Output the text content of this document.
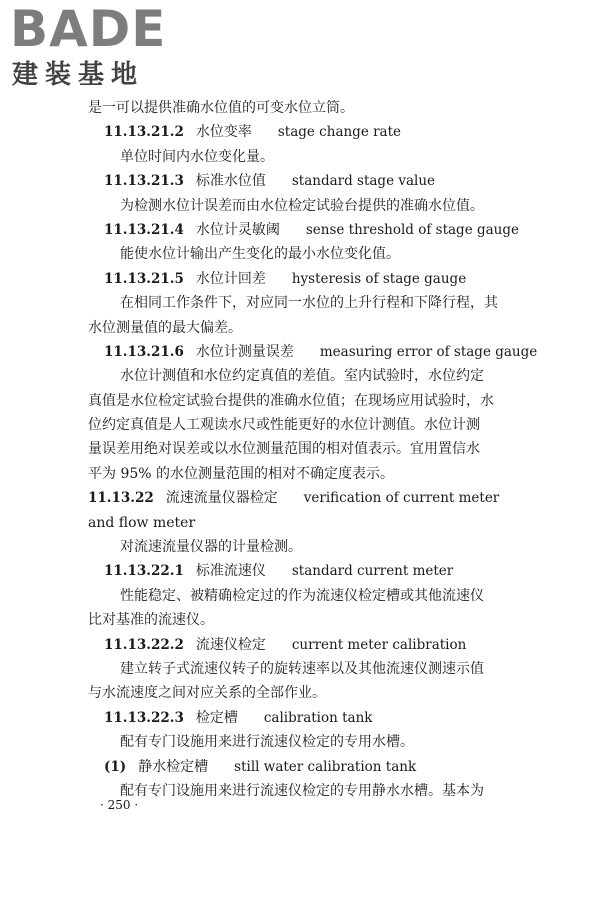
BADE
建装基地
是一可以提供准确水位值的可变水位立筒。
11.13.21.2 水位变率 stage change rate
单位时间内水位变化量。
11.13.21.3 标准水位值 standard stage value
为检测水位计误差而由水位检定试验台提供的准确水位值。
11.13.21.4 水位计灵敏阈 sense threshold of stage gauge
能使水位计输出产生变化的最小水位变化值。
11.13.21.5 水位计回差 hysteresis of stage gauge
在相同工作条件下，对应同一水位的上升行程和下降行程，其
水位测量值的最大偏差。
11.13.21.6 水位计测量误差 measuring error of stage gauge
水位计测值和水位约定真值的差值。室内试验时，水位约定
真值是水位检定试验台提供的准确水位值；在现场应用试验时，水
位约定真值是人工观读水尺或性能更好的水位计测值。水位计测
量误差用绝对误差或以水位测量范围的相对值表示。宜用置信水
平为 95% 的水位测量范围的相对不确定度表示。
11.13.22 流速流量仪器检定 verification of current meter
and flow meter
对流速流量仪器的计量检测。
11.13.22.1 标准流速仪 standard current meter
性能稳定、被精确检定过的作为流速仪检定槽或其他流速仪
比对基准的流速仪。
11.13.22.2 流速仪检定 current meter calibration
建立转子式流速仪转子的旋转速率以及其他流速仪测速示值
与水流速度之间对应关系的全部作业。
11.13.22.3 检定槽 calibration tank
配有专门设施用来进行流速仪检定的专用水槽。
(1) 静水检定槽 still water calibration tank
配有专门设施用来进行流速仪检定的专用静水水槽。基本为
· 250 ·
